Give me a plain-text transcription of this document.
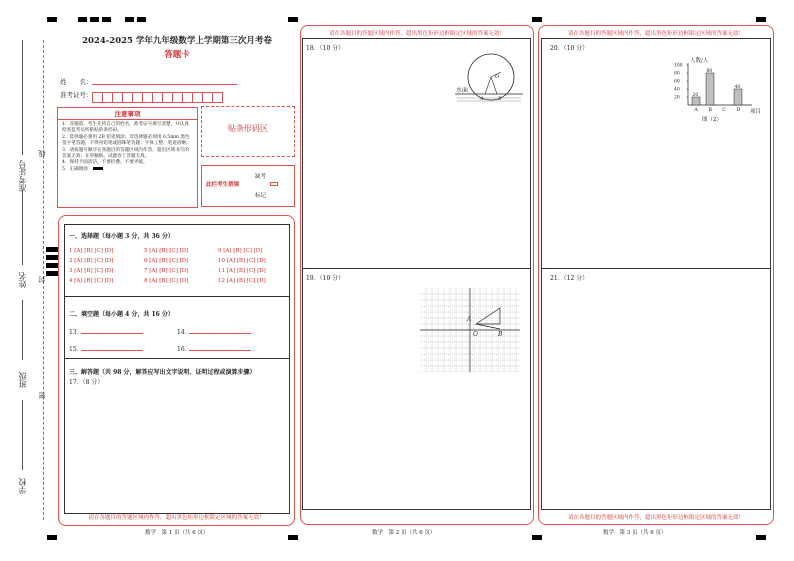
准考证号
姓名
班级
学校
线
封
密
2024-2025 学年九年级数学上学期第三次月考卷
答题卡
姓　　名：
准考证号：
注意事项
1．答题前，考生先将自己的姓名，准考证号填写清楚，并认真检查监考员所粘贴的条形码。
2．选择题必须用 2B 铅笔填涂；非选择题必须用 0.5mm 黑色签字笔答题，不得用铅笔或圆珠笔答题；字体工整、笔迹清晰。
3．请按题号顺序在各题目的答题区域内作答，超出区域书写的答案无效；在草稿纸、试题卷上答题无效。
4．保持卡面清洁，不要折叠、不要弄破。
5．正确填涂
贴条形码区
此栏考生禁填
缺考
标记
一、选择题（每小题 3 分，共 36 分）
1 [A] [B] [C] [D]	5 [A] [B] [C] [D]	9 [A] [B] [C] [D]
2 [A] [B] [C] [D]	6 [A] [B] [C] [D]	10 [A] [B] [C] [D]
3 [A] [B] [C] [D]	7 [A] [B] [C] [D]	11 [A] [B] [C] [D]
4 [A] [B] [C] [D]	8 [A] [B] [C] [D]	12 [A] [B] [C] [D]
二、填空题（每小题 4 分，共 16 分）
13．	14．
15．	16．
三、解答题（共 98 分，解答应写出文字说明、证明过程或演算步骤）
17．（8 分）
请在各题目的答题区域内作答，超出黑色矩形边框限定区域的答案无效！
请在各题目的答题区域内作答，超出黑色矩形边框限定区域的答案无效！
18．（10 分）
19．（10 分）
水面
O
A	B
A
O	B
请在各题目的答题区域内作答，超出黑色矩形边框限定区域的答案无效！
20．（10 分）
21．（12 分）
请在各题目的答题区域内作答，超出黑色矩形边框限定区域的答案无效！
人数/人
项目
100
80
60
40
20
20
A
80
B C
40
D
图（2）
数学　第 1 页（共 6 页）	数学　第 2 页（共 6 页）	数学　第 3 页（共 6 页）
